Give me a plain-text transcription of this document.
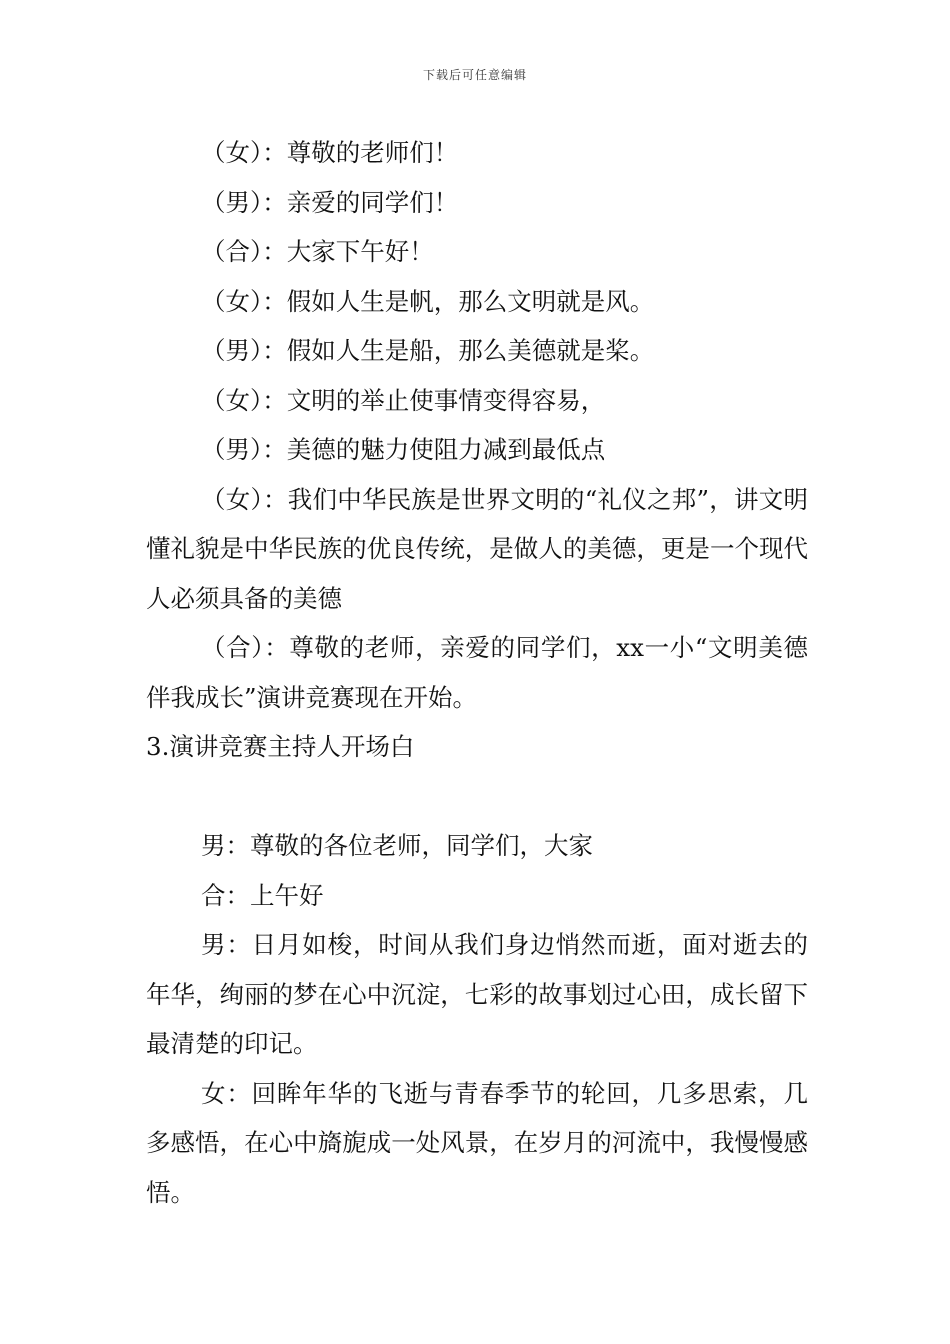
下载后可任意编辑

（女）：尊敬的老师们！

（男）：亲爱的同学们！

（合）：大家下午好！

（女）：假如人生是帆，那么文明就是风。

（男）：假如人生是船，那么美德就是桨。

（女）：文明的举止使事情变得容易，

（男）：美德的魅力使阻力减到最低点

（女）：我们中华民族是世界文明的“礼仪之邦”，讲文明懂礼貌是中华民族的优良传统，是做人的美德，更是一个现代人必须具备的美德

（合）：尊敬的老师，亲爱的同学们，xx一小“文明美德伴我成长”演讲竞赛现在开始。

3.演讲竞赛主持人开场白

男：尊敬的各位老师，同学们，大家

合：上午好

男：日月如梭，时间从我们身边悄然而逝，面对逝去的年华，绚丽的梦在心中沉淀，七彩的故事划过心田，成长留下最清楚的印记。

女：回眸年华的飞逝与青春季节的轮回，几多思索，几多感悟，在心中旖旎成一处风景，在岁月的河流中，我慢慢感悟。
